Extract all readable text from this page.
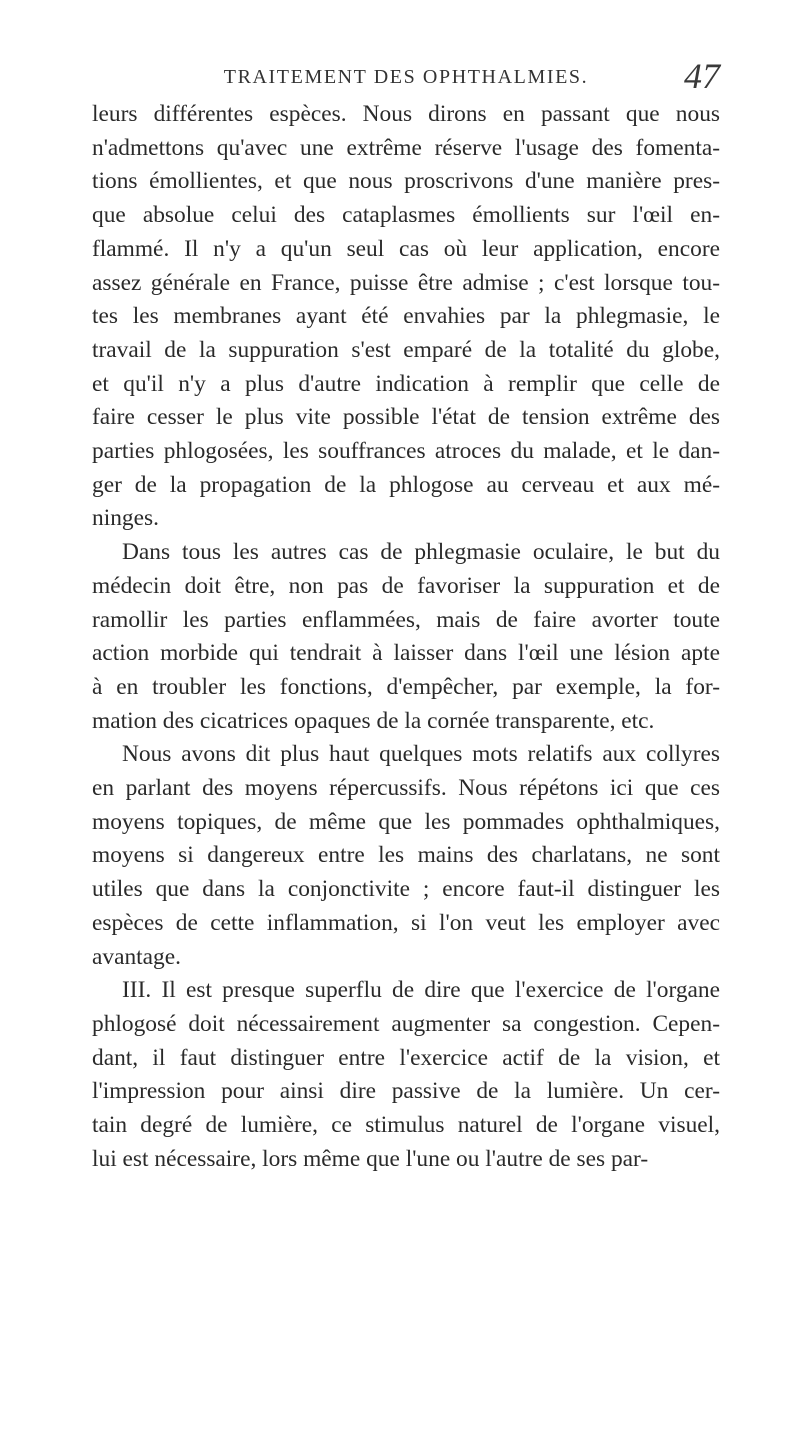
TRAITEMENT DES OPHTHALMIES.	47

leurs différentes espèces. Nous dirons en passant que nous
n'admettons qu'avec une extrême réserve l'usage des fomenta-
tions émollientes, et que nous proscrivons d'une manière pres-
que absolue celui des cataplasmes émollients sur l'œil en-
flammé. Il n'y a qu'un seul cas où leur application, encore
assez générale en France, puisse être admise ; c'est lorsque tou-
tes les membranes ayant été envahies par la phlegmasie, le
travail de la suppuration s'est emparé de la totalité du globe,
et qu'il n'y a plus d'autre indication à remplir que celle de
faire cesser le plus vite possible l'état de tension extrême des
parties phlogosées, les souffrances atroces du malade, et le dan-
ger de la propagation de la phlogose au cerveau et aux mé-
ninges.

Dans tous les autres cas de phlegmasie oculaire, le but du
médecin doit être, non pas de favoriser la suppuration et de
ramollir les parties enflammées, mais de faire avorter toute
action morbide qui tendrait à laisser dans l'œil une lésion apte
à en troubler les fonctions, d'empêcher, par exemple, la for-
mation des cicatrices opaques de la cornée transparente, etc.

Nous avons dit plus haut quelques mots relatifs aux collyres
en parlant des moyens répercussifs. Nous répétons ici que ces
moyens topiques, de même que les pommades ophthalmiques,
moyens si dangereux entre les mains des charlatans, ne sont
utiles que dans la conjonctivite ; encore faut-il distinguer les
espèces de cette inflammation, si l'on veut les employer avec
avantage.

III. Il est presque superflu de dire que l'exercice de l'organe
phlogosé doit nécessairement augmenter sa congestion. Cepen-
dant, il faut distinguer entre l'exercice actif de la vision, et
l'impression pour ainsi dire passive de la lumière. Un cer-
tain degré de lumière, ce stimulus naturel de l'organe visuel,
lui est nécessaire, lors même que l'une ou l'autre de ses par-
